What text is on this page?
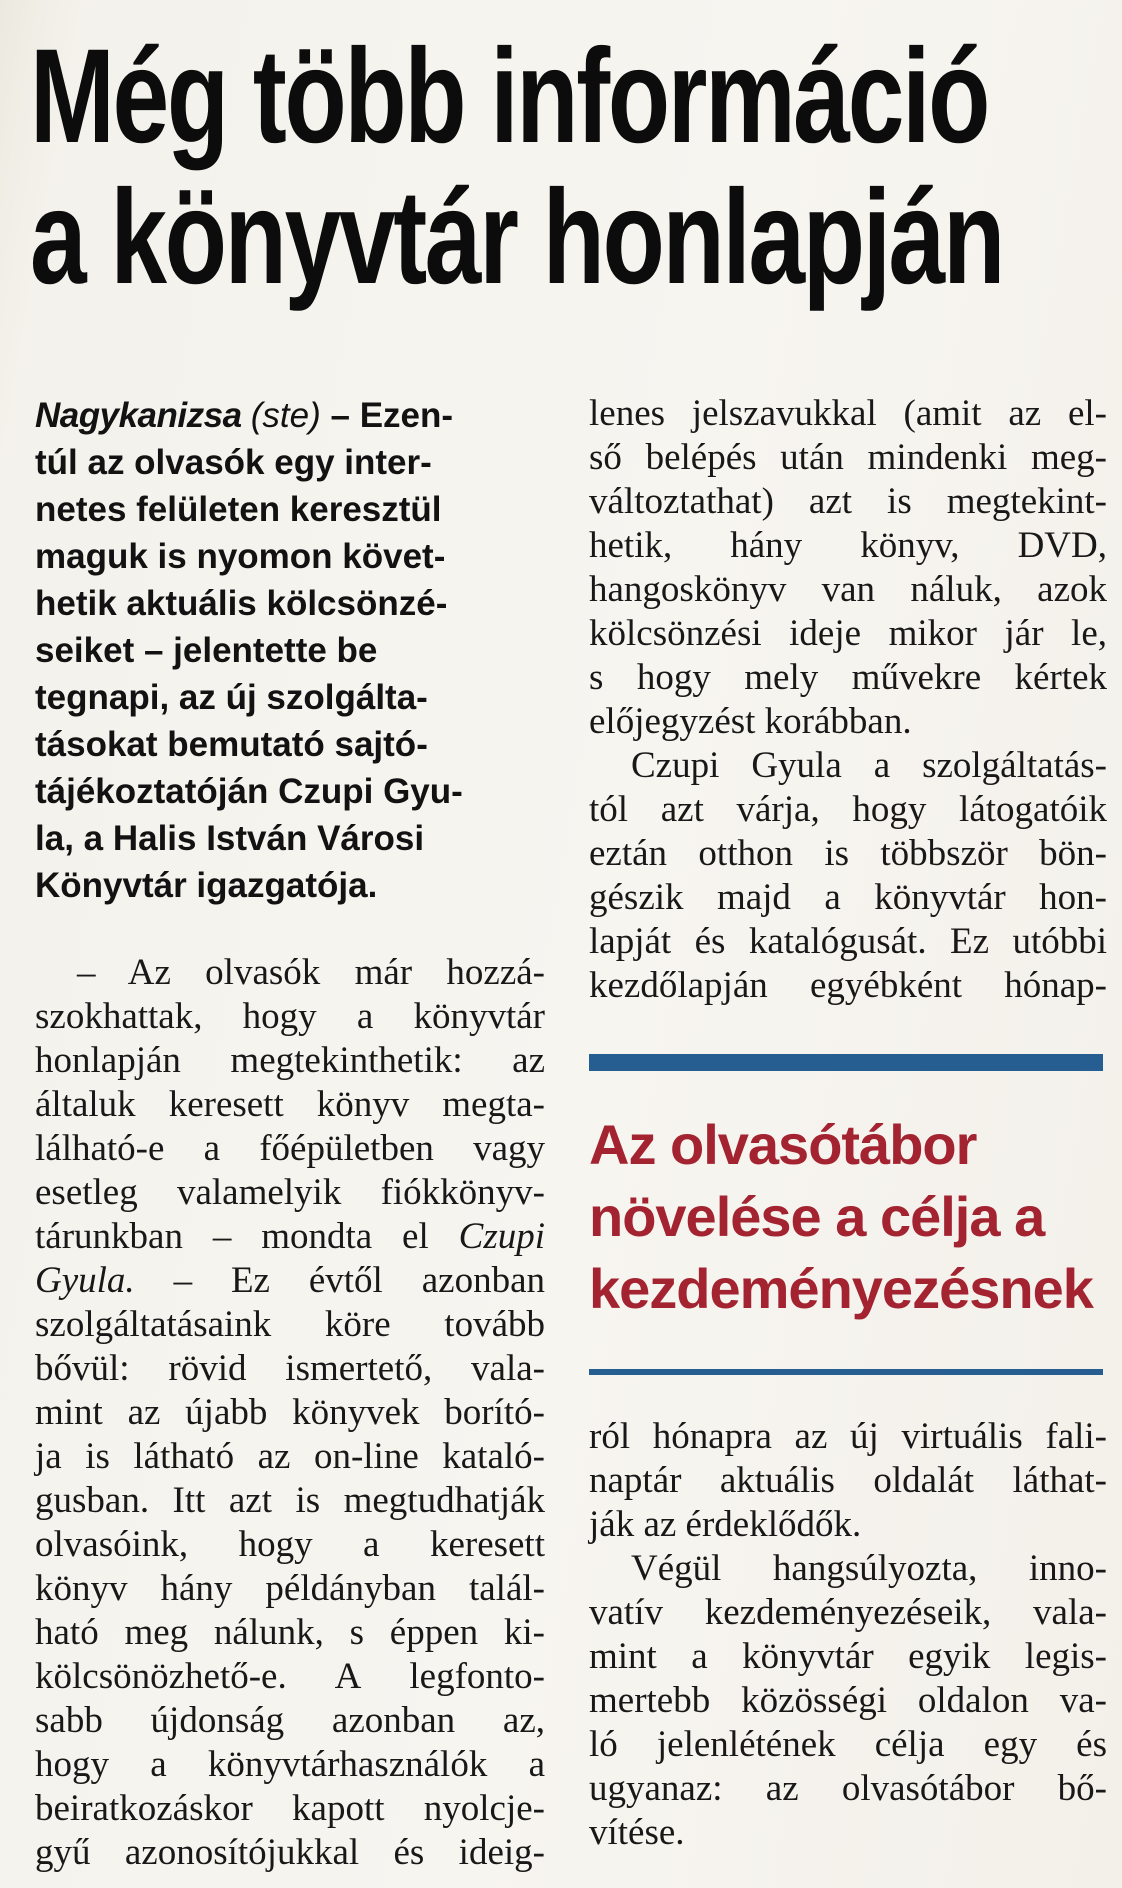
Még több információ
a könyvtár honlapján
Nagykanizsa (ste) – Ezen-
túl az olvasók egy inter-
netes felületen keresztül
maguk is nyomon követ-
hetik aktuális kölcsönzé-
seiket – jelentette be
tegnapi, az új szolgálta-
tásokat bemutató sajtó-
tájékoztatóján Czupi Gyu-
la, a Halis István Városi
Könyvtár igazgatója.
– Az olvasók már hozzá-
szokhattak, hogy a könyvtár
honlapján megtekinthetik: az
általuk keresett könyv megta-
lálható-e a főépületben vagy
esetleg valamelyik fiókkönyv-
tárunkban – mondta el Czupi
Gyula. – Ez évtől azonban
szolgáltatásaink köre tovább
bővül: rövid ismertető, vala-
mint az újabb könyvek borító-
ja is látható az on-line kataló-
gusban. Itt azt is megtudhatják
olvasóink, hogy a keresett
könyv hány példányban talál-
ható meg nálunk, s éppen ki-
kölcsönözhető-e. A legfonto-
sabb újdonság azonban az,
hogy a könyvtárhasználók a
beiratkozáskor kapott nyolcje-
gyű azonosítójukkal és ideig-
lenes jelszavukkal (amit az el-
ső belépés után mindenki meg-
változtathat) azt is megtekint-
hetik, hány könyv, DVD,
hangoskönyv van náluk, azok
kölcsönzési ideje mikor jár le,
s hogy mely művekre kértek
előjegyzést korábban.
Czupi Gyula a szolgáltatás-
tól azt várja, hogy látogatóik
eztán otthon is többször bön-
gészik majd a könyvtár hon-
lapját és katalógusát. Ez utóbbi
kezdőlapján egyébként hónap-
Az olvasótábor
növelése a célja a
kezdeményezésnek
ról hónapra az új virtuális fali-
naptár aktuális oldalát láthat-
ják az érdeklődők.
Végül hangsúlyozta, inno-
vatív kezdeményezéseik, vala-
mint a könyvtár egyik legis-
mertebb közösségi oldalon va-
ló jelenlétének célja egy és
ugyanaz: az olvasótábor bő-
vítése.
